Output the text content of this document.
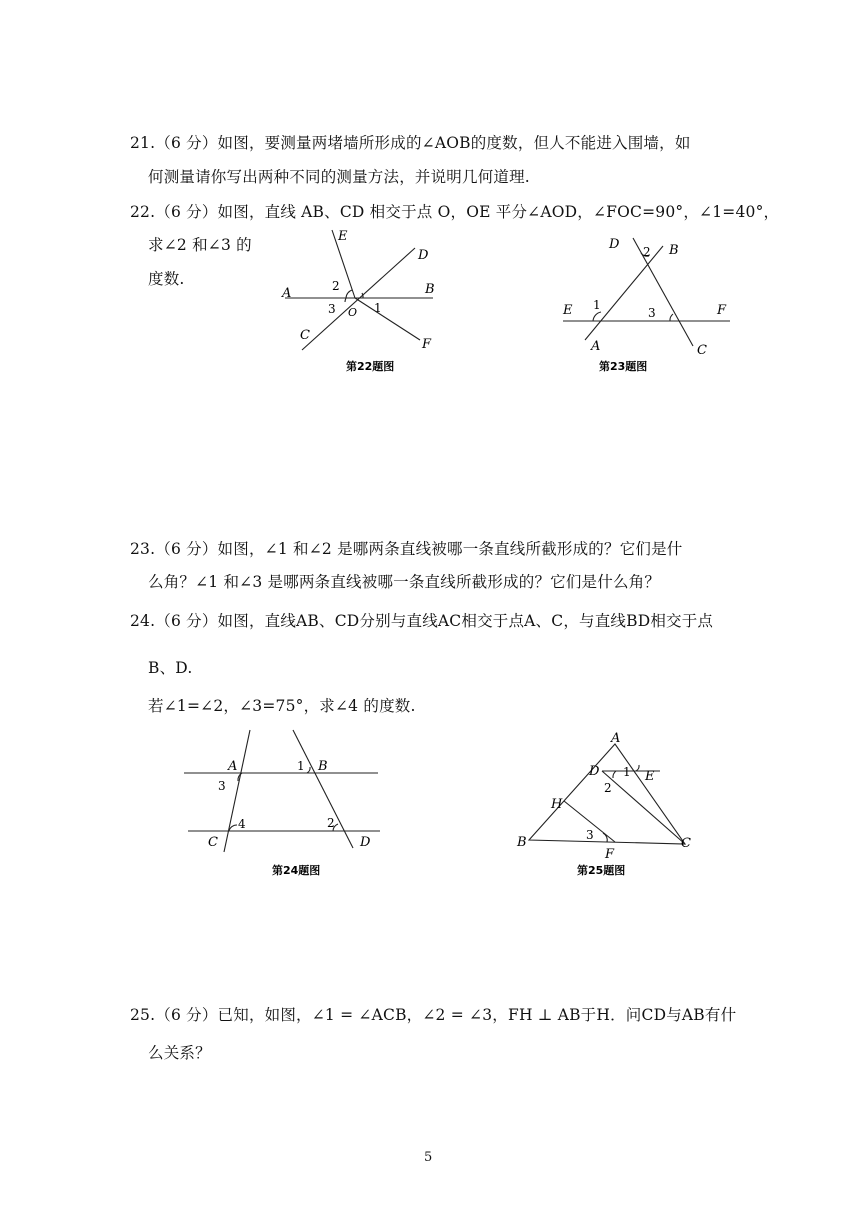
21.（6 分）如图，要测量两堵墙所形成的∠AOB的度数，但人不能进入围墙，如
何测量请你写出两种不同的测量方法，并说明几何道理.
22.（6 分）如图，直线 AB、CD 相交于点 O，OE 平分∠AOD，∠FOC=90°，∠1=40°，
求∠2 和∠3 的
度数.
A	B
C
D
E
F
O
2
3	1
第22题图
D	B
E	F
A	C
2
1
3
第23题图
23.（6 分）如图，∠1 和∠2 是哪两条直线被哪一条直线所截形成的？它们是什
么角？∠1 和∠3 是哪两条直线被哪一条直线所截形成的？它们是什么角？
24.（6 分）如图，直线AB、CD分别与直线AC相交于点A、C，与直线BD相交于点
B、D.
若∠1=∠2，∠3=75°，求∠4 的度数.
A	B
C	D
1
3
4	2
第24题图
A
D	E
H
B	C
F
1
2
3
第25题图
25.（6 分）已知，如图，∠1 = ∠ACB，∠2 = ∠3，FH ⊥ AB于H．问CD与AB有什
么关系？
5
